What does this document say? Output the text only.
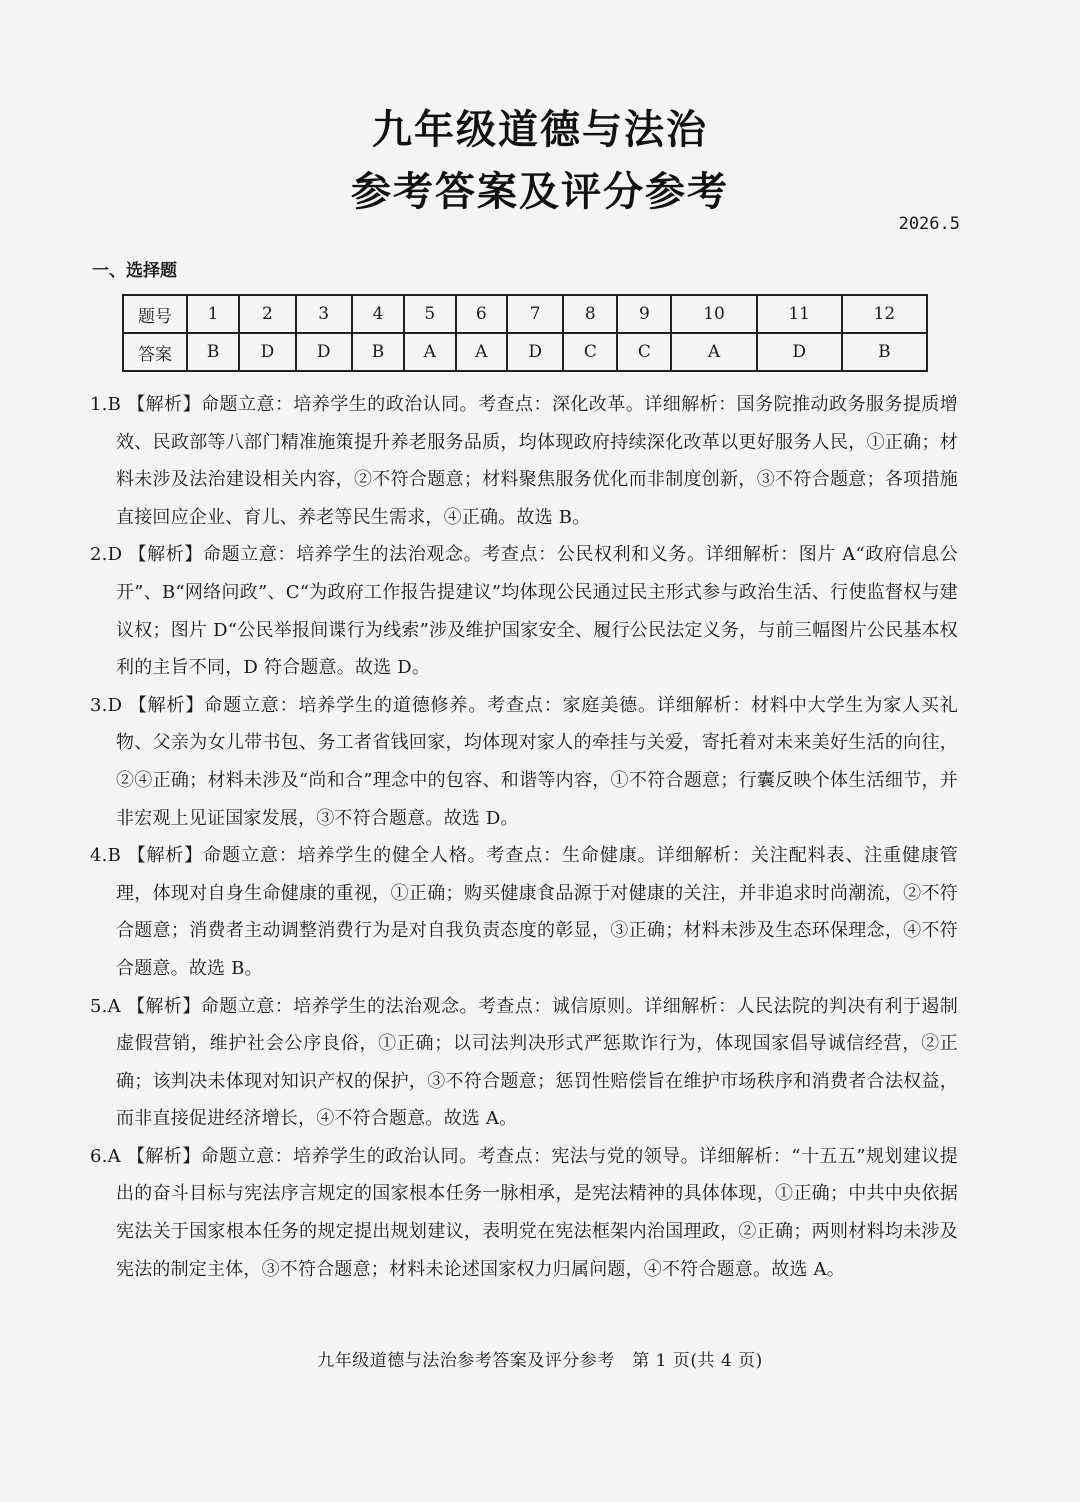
九年级道德与法治
参考答案及评分参考
2026.5
一、选择题
题号	1	2	3	4	5	6	7	8	9	10	11	12
答案	B	D	D	B	A	A	D	C	C	A	D	B

1.B 【解析】命题立意：培养学生的政治认同。考查点：深化改革。详细解析：国务院推动政务服务提质增效、民政部等八部门精准施策提升养老服务品质，均体现政府持续深化改革以更好服务人民，①正确；材料未涉及法治建设相关内容，②不符合题意；材料聚焦服务优化而非制度创新，③不符合题意；各项措施直接回应企业、育儿、养老等民生需求，④正确。故选 B。

2.D 【解析】命题立意：培养学生的法治观念。考查点：公民权利和义务。详细解析：图片 A“政府信息公开”、B“网络问政”、C“为政府工作报告提建议”均体现公民通过民主形式参与政治生活、行使监督权与建议权；图片 D“公民举报间谍行为线索”涉及维护国家安全、履行公民法定义务，与前三幅图片公民基本权利的主旨不同，D 符合题意。故选 D。

3.D 【解析】命题立意：培养学生的道德修养。考查点：家庭美德。详细解析：材料中大学生为家人买礼物、父亲为女儿带书包、务工者省钱回家，均体现对家人的牵挂与关爱，寄托着对未来美好生活的向往，②④正确；材料未涉及“尚和合”理念中的包容、和谐等内容，①不符合题意；行囊反映个体生活细节，并非宏观上见证国家发展，③不符合题意。故选 D。

4.B 【解析】命题立意：培养学生的健全人格。考查点：生命健康。详细解析：关注配料表、注重健康管理，体现对自身生命健康的重视，①正确；购买健康食品源于对健康的关注，并非追求时尚潮流，②不符合题意；消费者主动调整消费行为是对自我负责态度的彰显，③正确；材料未涉及生态环保理念，④不符合题意。故选 B。

5.A 【解析】命题立意：培养学生的法治观念。考查点：诚信原则。详细解析：人民法院的判决有利于遏制虚假营销，维护社会公序良俗，①正确；以司法判决形式严惩欺诈行为，体现国家倡导诚信经营，②正确；该判决未体现对知识产权的保护，③不符合题意；惩罚性赔偿旨在维护市场秩序和消费者合法权益，而非直接促进经济增长，④不符合题意。故选 A。

6.A 【解析】命题立意：培养学生的政治认同。考查点：宪法与党的领导。详细解析：“十五五”规划建议提出的奋斗目标与宪法序言规定的国家根本任务一脉相承，是宪法精神的具体体现，①正确；中共中央依据宪法关于国家根本任务的规定提出规划建议，表明党在宪法框架内治国理政，②正确；两则材料均未涉及宪法的制定主体，③不符合题意；材料未论述国家权力归属问题，④不符合题意。故选 A。

九年级道德与法治参考答案及评分参考　第 1 页(共 4 页)
